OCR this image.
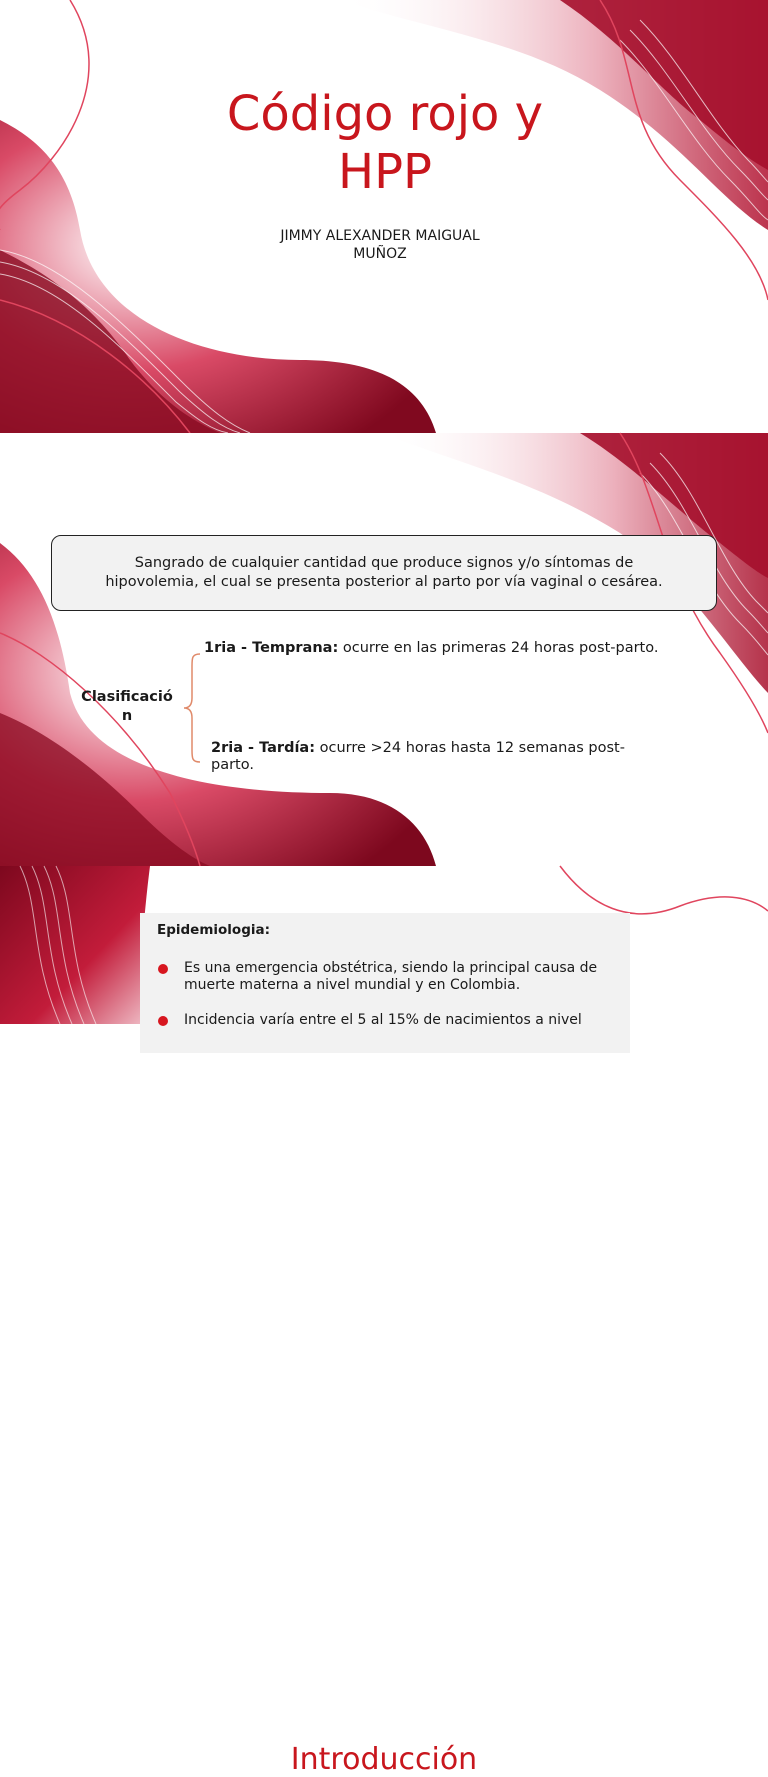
Código rojo y
HPP
JIMMY ALEXANDER MAIGUAL
MUÑOZ
Sangrado de cualquier cantidad que produce signos y/o síntomas de
hipovolemia, el cual se presenta posterior al parto por vía vaginal o cesárea.
Clasificació
n
1ria - Temprana: ocurre en las primeras 24 horas post-parto.
2ria - Tardía: ocurre >24 horas hasta 12 semanas post-parto.
Introducción
Epidemiologia:
Es una emergencia obstétrica, siendo la principal causa de muerte materna a nivel mundial y en Colombia.
Incidencia varía entre el 5 al 15% de nacimientos a nivel
